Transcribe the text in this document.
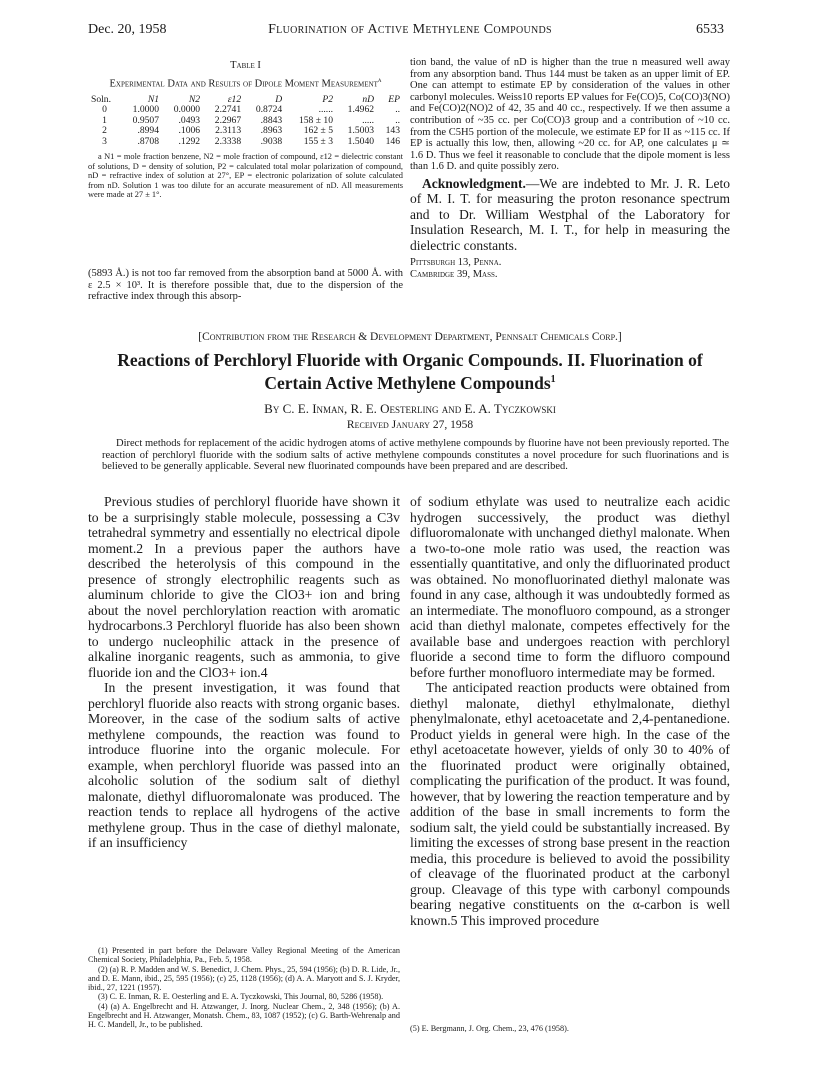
Dec. 20, 1958	Fluorination of Active Methylene Compounds	6533
Table I
Experimental Data and Results of Dipole Moment Measurement$^a$
Soln.	N1	N2	ε12	D	P2	nD	EP
0	1.0000	0.0000	2.2741	0.8724	......	1.4962	..
1	0.9507	.0493	2.2967	.8843	158 ± 10	.....	..
2	.8994	.1006	2.3113	.8963	162 ± 5	1.5003	143
3	.8708	.1292	2.3338	.9038	155 ± 3	1.5040	146
a N1 = mole fraction benzene, N2 = mole fraction of compound, ε12 = dielectric constant of solutions, D = density of solution, P2 = calculated total molar polarization of compound, nD = refractive index of solution at 27°, EP = electronic polarization of solute calculated from nD. Solution 1 was too dilute for an accurate measurement of nD. All measurements were made at 27 ± 1°.
(5893 Å.) is not too far removed from the absorption band at 5000 Å. with ε 2.5 × 10³. It is therefore possible that, due to the dispersion of the refractive index through this absorp-
tion band, the value of nD is higher than the true n measured well away from any absorption band. Thus 144 must be taken as an upper limit of EP. One can attempt to estimate EP by consideration of the values in other carbonyl molecules. Weiss10 reports EP values for Fe(CO)5, Co(CO)3(NO) and Fe(CO)2(NO)2 of 42, 35 and 40 cc., respectively. If we then assume a contribution of ~35 cc. per Co(CO)3 group and a contribution of ~10 cc. from the C5H5 portion of the molecule, we estimate EP for II as ~115 cc. If EP is actually this low, then, allowing ~20 cc. for AP, one calculates μ ≃ 1.6 D. Thus we feel it reasonable to conclude that the dipole moment is less than 1.6 D. and quite possibly zero.
Acknowledgment.—We are indebted to Mr. J. R. Leto of M. I. T. for measuring the proton resonance spectrum and to Dr. William Westphal of the Laboratory for Insulation Research, M. I. T., for help in measuring the dielectric constants.
Pittsburgh 13, Penna.
Cambridge 39, Mass.
[Contribution from the Research & Development Department, Pennsalt Chemicals Corp.]
Reactions of Perchloryl Fluoride with Organic Compounds. II. Fluorination of
Certain Active Methylene Compounds$^1$
By C. E. Inman, R. E. Oesterling and E. A. Tyczkowski
Received January 27, 1958
Direct methods for replacement of the acidic hydrogen atoms of active methylene compounds by fluorine have not been previously reported. The reaction of perchloryl fluoride with the sodium salts of active methylene compounds constitutes a novel procedure for such fluorinations and is believed to be generally applicable. Several new fluorinated compounds have been prepared and are described.

Previous studies of perchloryl fluoride have shown it to be a surprisingly stable molecule, possessing a C3v tetrahedral symmetry and essentially no electrical dipole moment.2 In a previous paper the authors have described the heterolysis of this compound in the presence of strongly electrophilic reagents such as aluminum chloride to give the ClO3+ ion and bring about the novel perchlorylation reaction with aromatic hydrocarbons.3 Perchloryl fluoride has also been shown to undergo nucleophilic attack in the presence of alkaline inorganic reagents, such as ammonia, to give fluoride ion and the ClO3+ ion.4

In the present investigation, it was found that perchloryl fluoride also reacts with strong organic bases. Moreover, in the case of the sodium salts of active methylene compounds, the reaction was found to introduce fluorine into the organic molecule. For example, when perchloryl fluoride was passed into an alcoholic solution of the sodium salt of diethyl malonate, diethyl difluoromalonate was produced. The reaction tends to replace all hydrogens of the active methylene group. Thus in the case of diethyl malonate, if an insufficiency

(1) Presented in part before the Delaware Valley Regional Meeting of the American Chemical Society, Philadelphia, Pa., Feb. 5, 1958.

(2) (a) R. P. Madden and W. S. Benedict, J. Chem. Phys., 25, 594 (1956); (b) D. R. Lide, Jr., and D. E. Mann, ibid., 25, 595 (1956); (c) 25, 1128 (1956); (d) A. A. Maryott and S. J. Kryder, ibid., 27, 1221 (1957).

(3) C. E. Inman, R. E. Oesterling and E. A. Tyczkowski, This Journal, 80, 5286 (1958).

(4) (a) A. Engelbrecht and H. Atzwanger, J. Inorg. Nuclear Chem., 2, 348 (1956); (b) A. Engelbrecht and H. Atzwanger, Monatsh. Chem., 83, 1087 (1952); (c) G. Barth-Wehrenalp and H. C. Mandell, Jr., to be published.

of sodium ethylate was used to neutralize each acidic hydrogen successively, the product was diethyl difluoromalonate with unchanged diethyl malonate. When a two-to-one mole ratio was used, the reaction was essentially quantitative, and only the difluorinated product was obtained. No monofluorinated diethyl malonate was found in any case, although it was undoubtedly formed as an intermediate. The monofluoro compound, as a stronger acid than diethyl malonate, competes effectively for the available base and undergoes reaction with perchloryl fluoride a second time to form the difluoro compound before further monofluoro intermediate may be formed.

The anticipated reaction products were obtained from diethyl malonate, diethyl ethylmalonate, diethyl phenylmalonate, ethyl acetoacetate and 2,4-pentanedione. Product yields in general were high. In the case of the ethyl acetoacetate however, yields of only 30 to 40% of the fluorinated product were originally obtained, complicating the purification of the product. It was found, however, that by lowering the reaction temperature and by addition of the base in small increments to form the sodium salt, the yield could be substantially increased. By limiting the excesses of strong base present in the reaction media, this procedure is believed to avoid the possibility of cleavage of the fluorinated product at the carbonyl group. Cleavage of this type with carbonyl compounds bearing negative constituents on the α-carbon is well known.5 This improved procedure

(5) E. Bergmann, J. Org. Chem., 23, 476 (1958).
